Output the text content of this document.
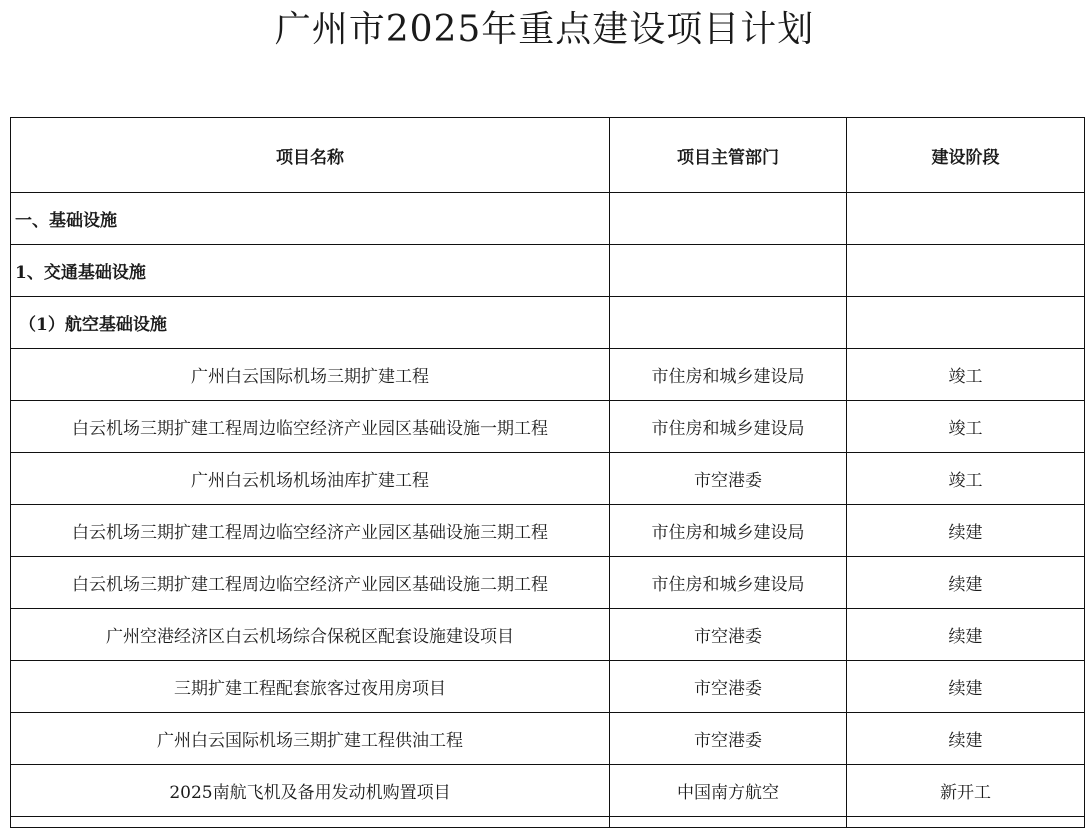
广州市2025年重点建设项目计划
项目名称	项目主管部门	建设阶段
一、基础设施		
1、交通基础设施		
（1）航空基础设施		
广州白云国际机场三期扩建工程	市住房和城乡建设局	竣工
白云机场三期扩建工程周边临空经济产业园区基础设施一期工程	市住房和城乡建设局	竣工
广州白云机场机场油库扩建工程	市空港委	竣工
白云机场三期扩建工程周边临空经济产业园区基础设施三期工程	市住房和城乡建设局	续建
白云机场三期扩建工程周边临空经济产业园区基础设施二期工程	市住房和城乡建设局	续建
广州空港经济区白云机场综合保税区配套设施建设项目	市空港委	续建
三期扩建工程配套旅客过夜用房项目	市空港委	续建
广州白云国际机场三期扩建工程供油工程	市空港委	续建
2025南航飞机及备用发动机购置项目	中国南方航空	新开工
